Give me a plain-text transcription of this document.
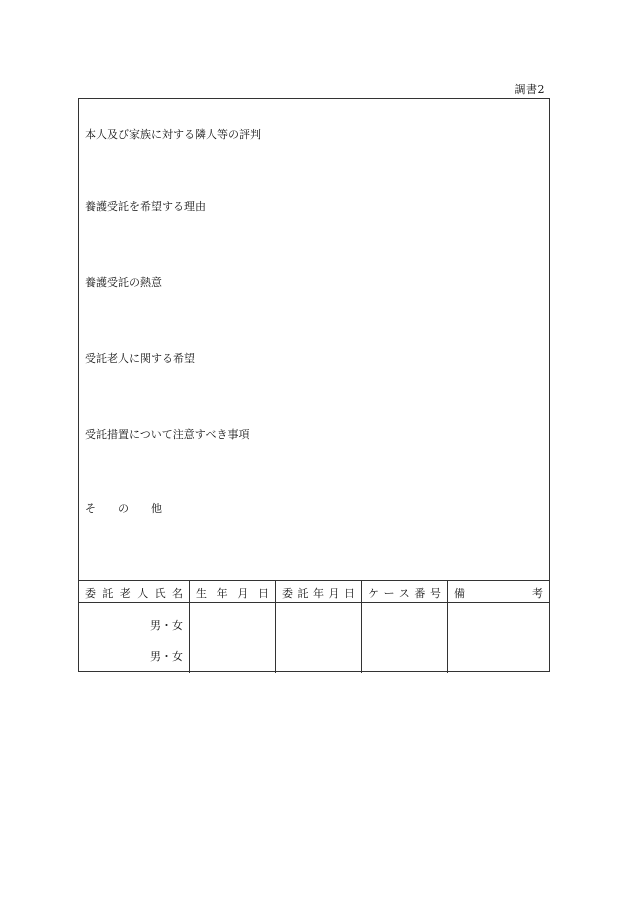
調書2
本人及び家族に対する隣人等の評判
養護受託を希望する理由
養護受託の熱意
受託老人に関する希望
受託措置について注意すべき事項
そ　　の　　他
委託老人氏名	生年月日	委託年月日	ケース番号	備考
男・女
男・女
